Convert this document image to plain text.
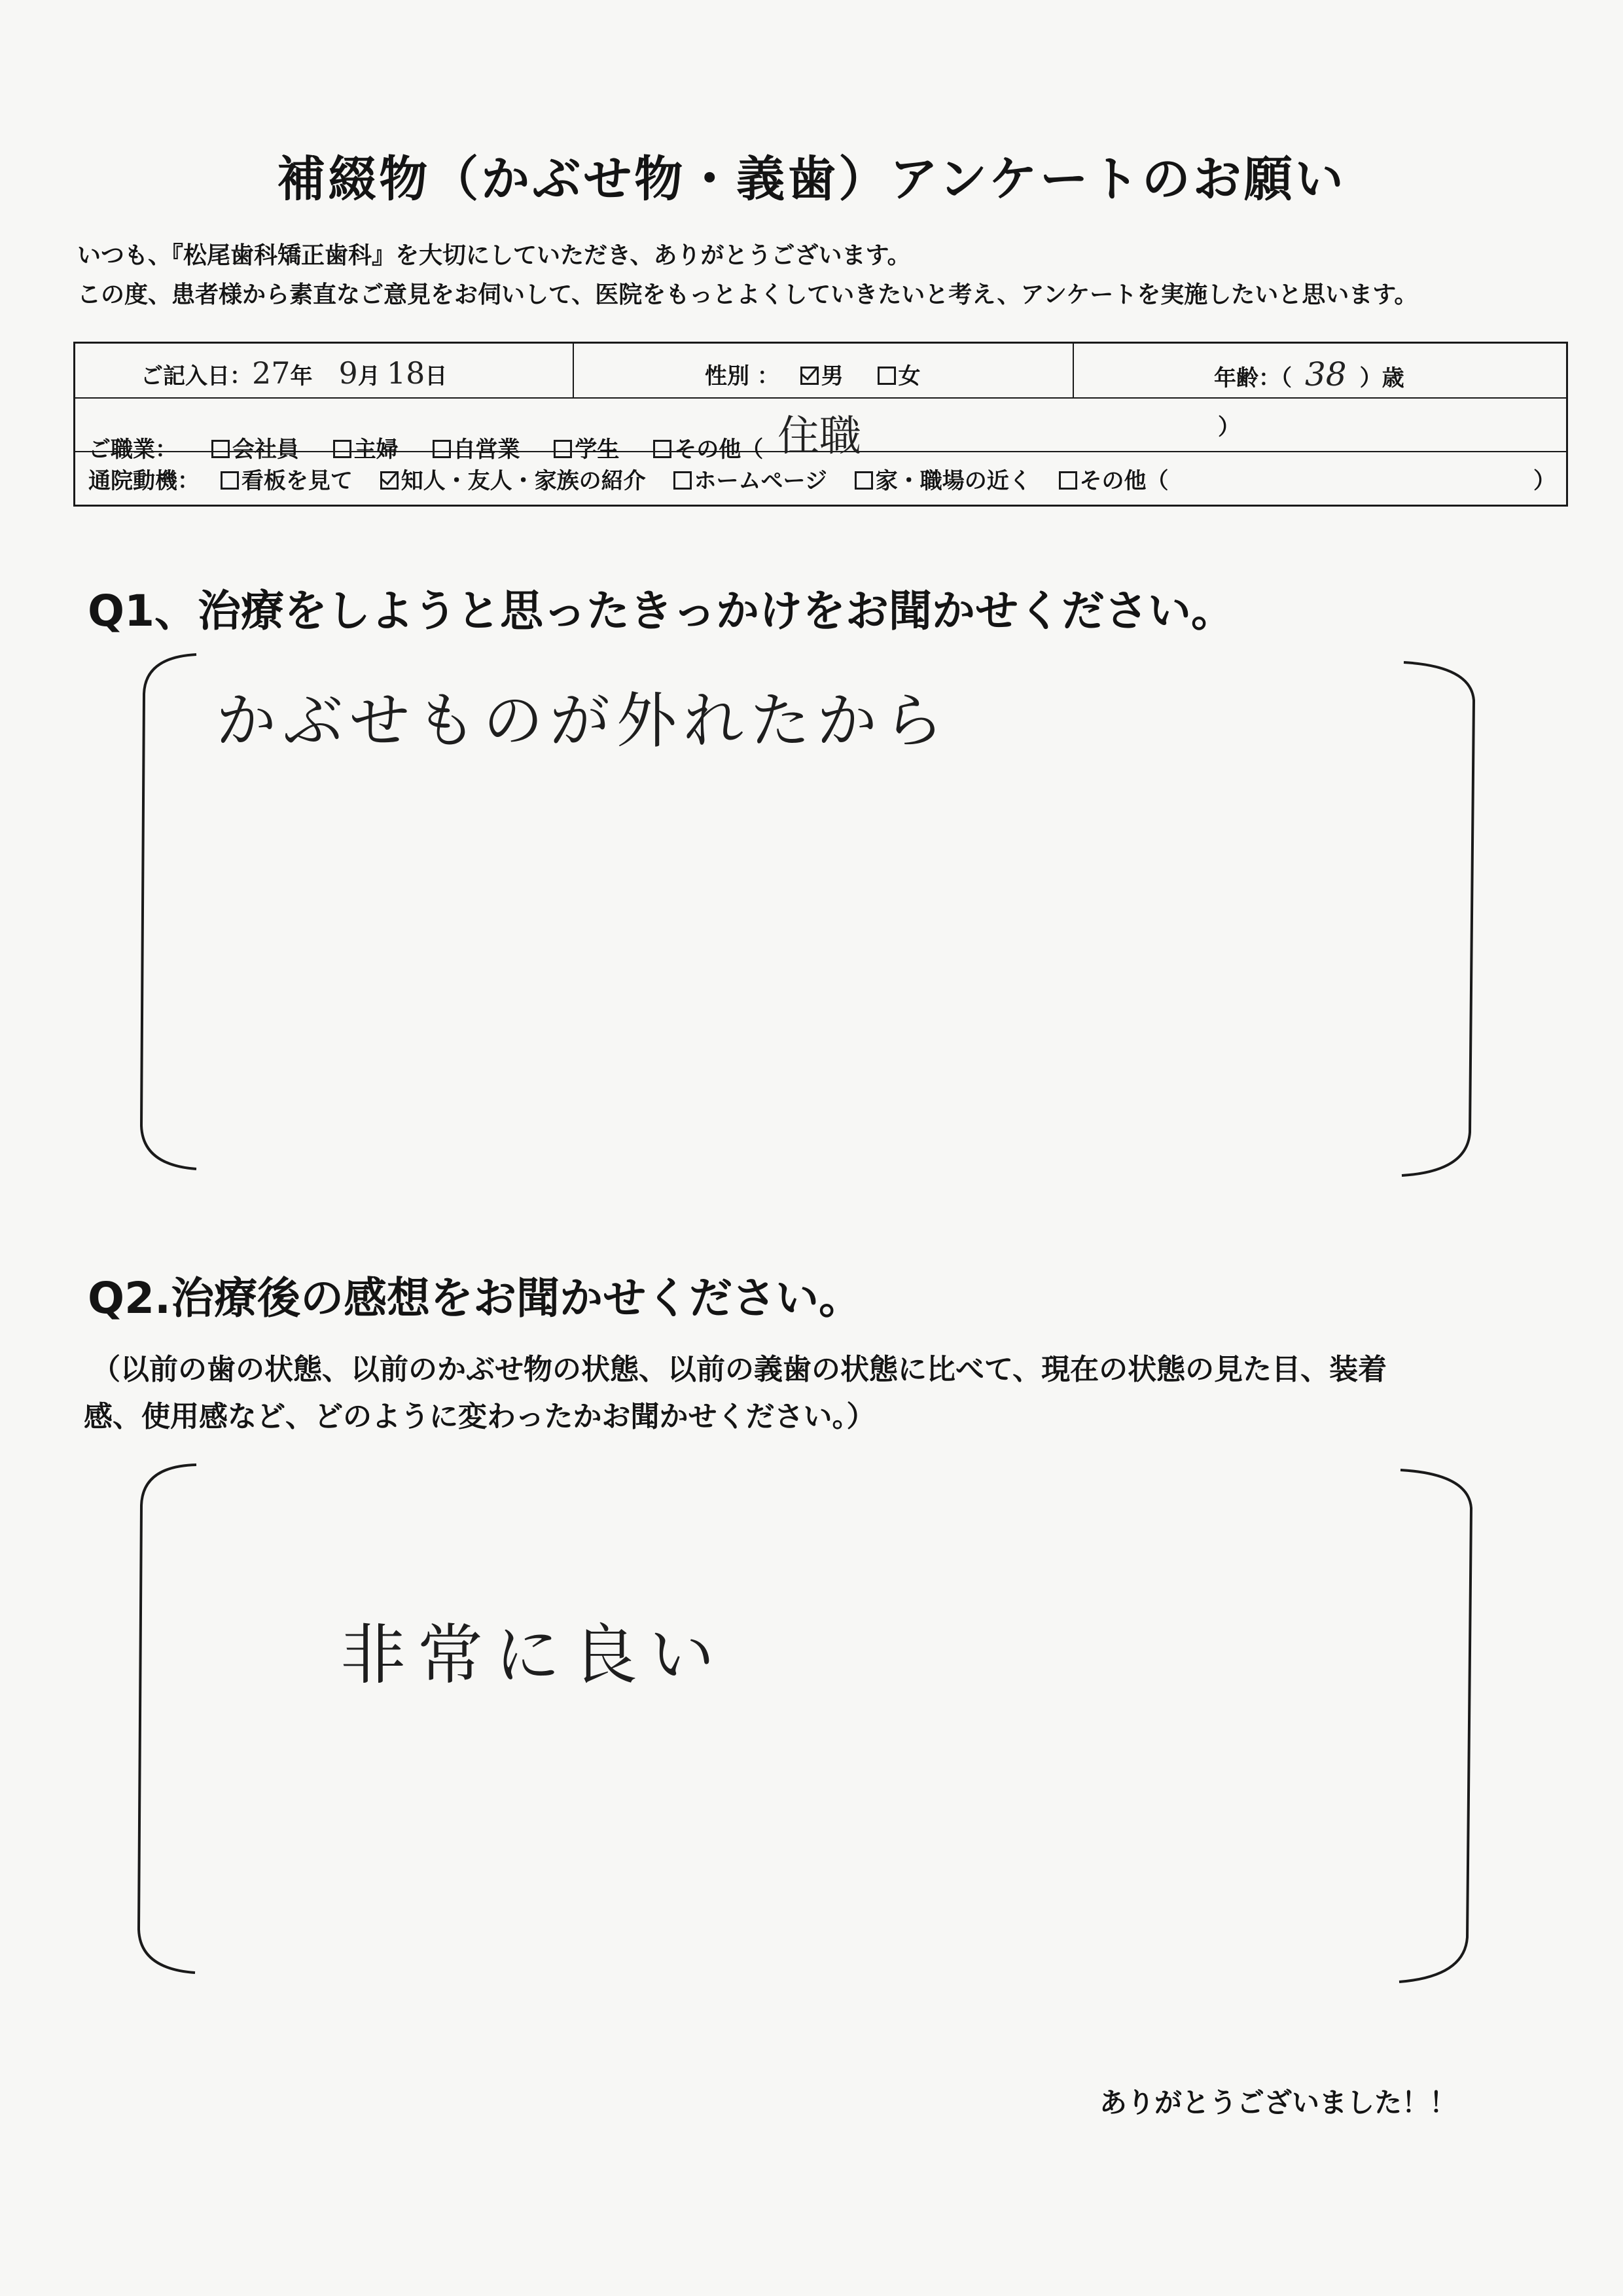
補綴物（かぶせ物・義歯）アンケートのお願い
いつも、『松尾歯科矯正歯科』を大切にしていただき、ありがとうございます。
この度、患者様から素直なご意見をお伺いして、医院をもっとよくしていきたいと考え、アンケートを実施したいと思います。
ご記入日：27年 9月 18日	性別 ： 男 女	年齢：（ 38 ）歳
ご職業： 会社員 主婦 自営業 学生 その他（ 住職	）
通院動機： 看板を見て 知人・友人・家族の紹介 ホームページ 家・職場の近く その他（	）
Q1、治療をしようと思ったきっかけをお聞かせください。
かぶせものが外れたから
Q2.治療後の感想をお聞かせください。
（以前の歯の状態、以前のかぶせ物の状態、以前の義歯の状態に比べて、現在の状態の見た目、装着
感、使用感など、どのように変わったかお聞かせください。）
非常に良い
ありがとうございました！！
